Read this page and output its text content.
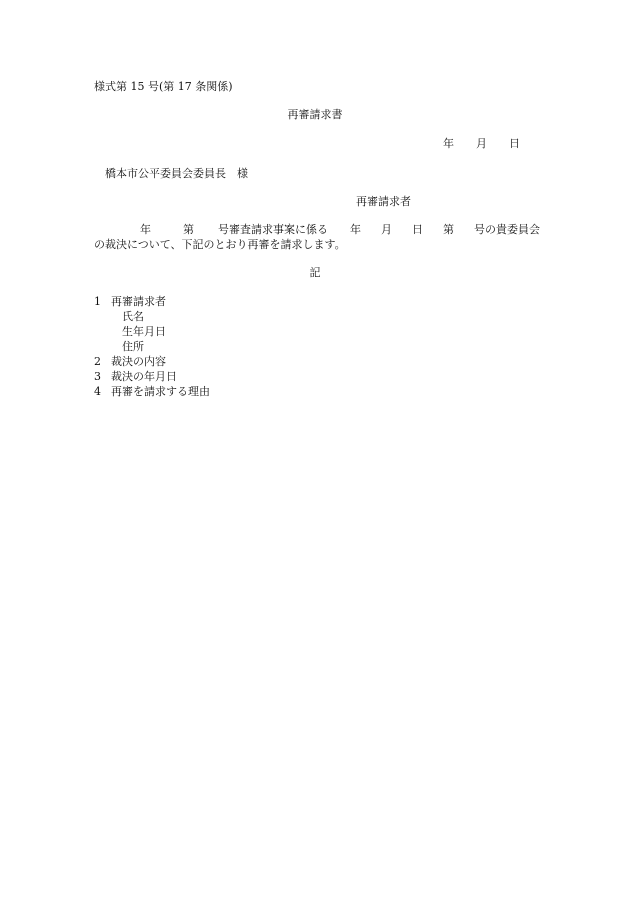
様式第 15 号(第 17 条関係)
再審請求書
年 月 日
橋本市公平委員会委員長　様
再審請求者
年	第 号審査請求事案に係る 年 月 日 第 号の貴委員会
の裁決について、下記のとおり再審を請求します。
記
1 再審請求者
氏名
生年月日
住所
2 裁決の内容
3 裁決の年月日
4 再審を請求する理由
